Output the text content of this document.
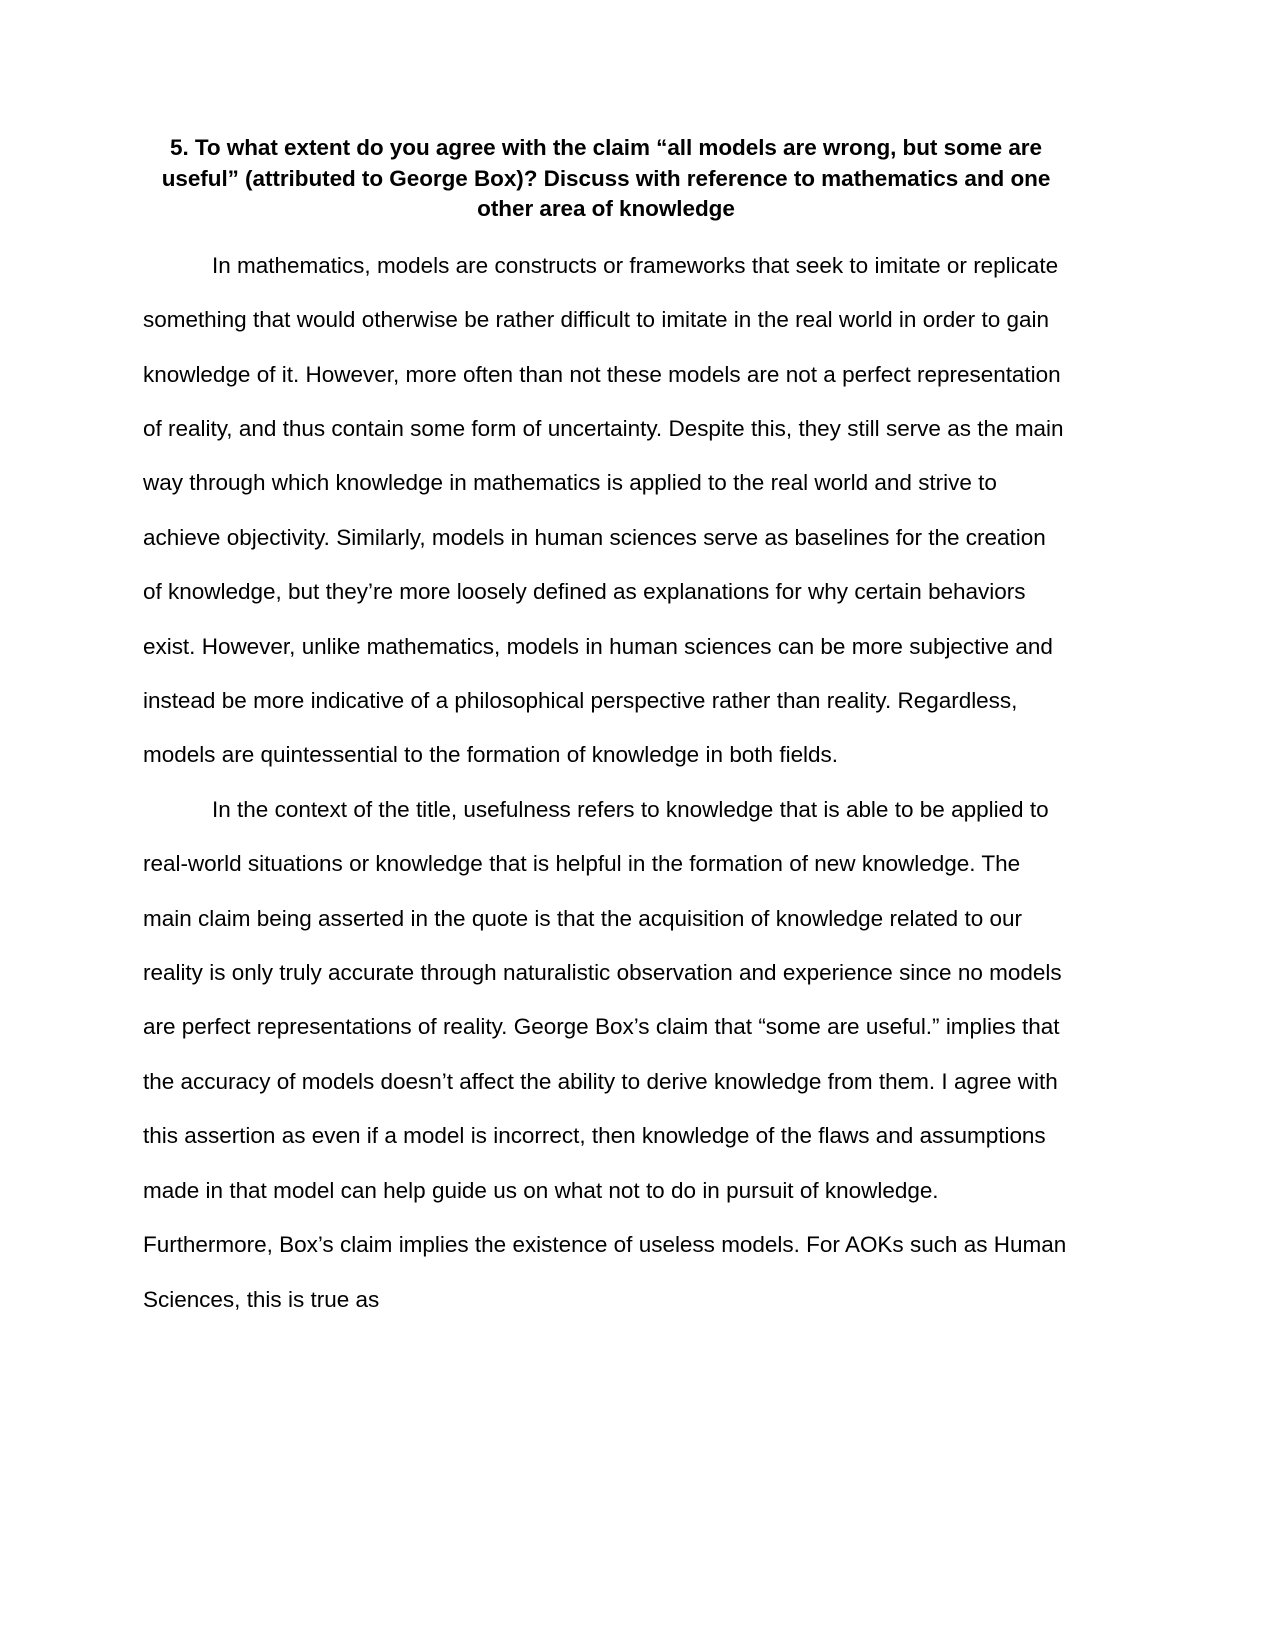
5. To what extent do you agree with the claim “all models are wrong, but some are useful” (attributed to George Box)? Discuss with reference to mathematics and one other area of knowledge

In mathematics, models are constructs or frameworks that seek to imitate or replicate something that would otherwise be rather difficult to imitate in the real world in order to gain knowledge of it. However, more often than not these models are not a perfect representation of reality, and thus contain some form of uncertainty. Despite this, they still serve as the main way through which knowledge in mathematics is applied to the real world and strive to achieve objectivity. Similarly, models in human sciences serve as baselines for the creation of knowledge, but they’re more loosely defined as explanations for why certain behaviors exist. However, unlike mathematics, models in human sciences can be more subjective and instead be more indicative of a philosophical perspective rather than reality. Regardless, models are quintessential to the formation of knowledge in both fields.

In the context of the title, usefulness refers to knowledge that is able to be applied to real-world situations or knowledge that is helpful in the formation of new knowledge. The main claim being asserted in the quote is that the acquisition of knowledge related to our reality is only truly accurate through naturalistic observation and experience since no models are perfect representations of reality. George Box’s claim that “some are useful.” implies that the accuracy of models doesn’t affect the ability to derive knowledge from them. I agree with this assertion as even if a model is incorrect, then knowledge of the flaws and assumptions made in that model can help guide us on what not to do in pursuit of knowledge. Furthermore, Box’s claim implies the existence of useless models. For AOKs such as Human Sciences, this is true as
